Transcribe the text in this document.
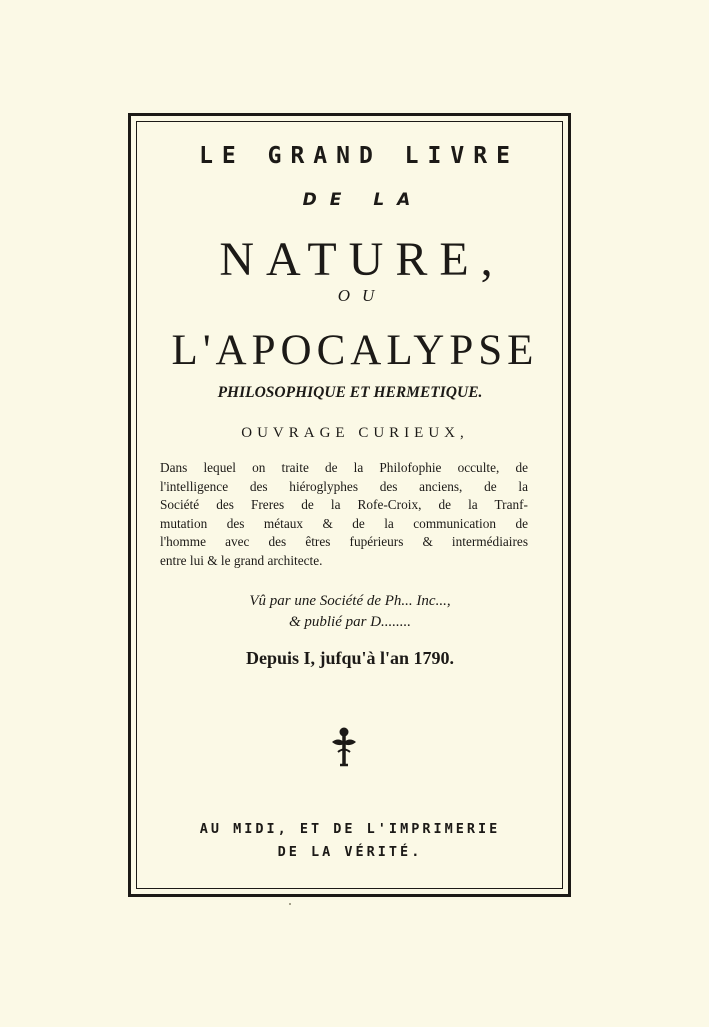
LE GRAND LIVRE
DE LA
NATURE,
OU
L'APOCALYPSE
PHILOSOPHIQUE ET HERMETIQUE.
OUVRAGE CURIEUX,
Dans lequel on traite de la Philofophie occulte, de
l'intelligence des hiéroglyphes des anciens, de la
Société des Freres de la Rofe-Croix, de la Tranf-
mutation des métaux & de la communication de
l'homme avec des êtres fupérieurs & intermédiaires
entre lui & le grand architecte.
Vû par une Société de Ph... Inc...,
& publié par D........
Depuis I, jufqu'à l'an 1790.
AU MIDI, ET DE L'IMPRIMERIE
DE LA VÉRITÉ.
